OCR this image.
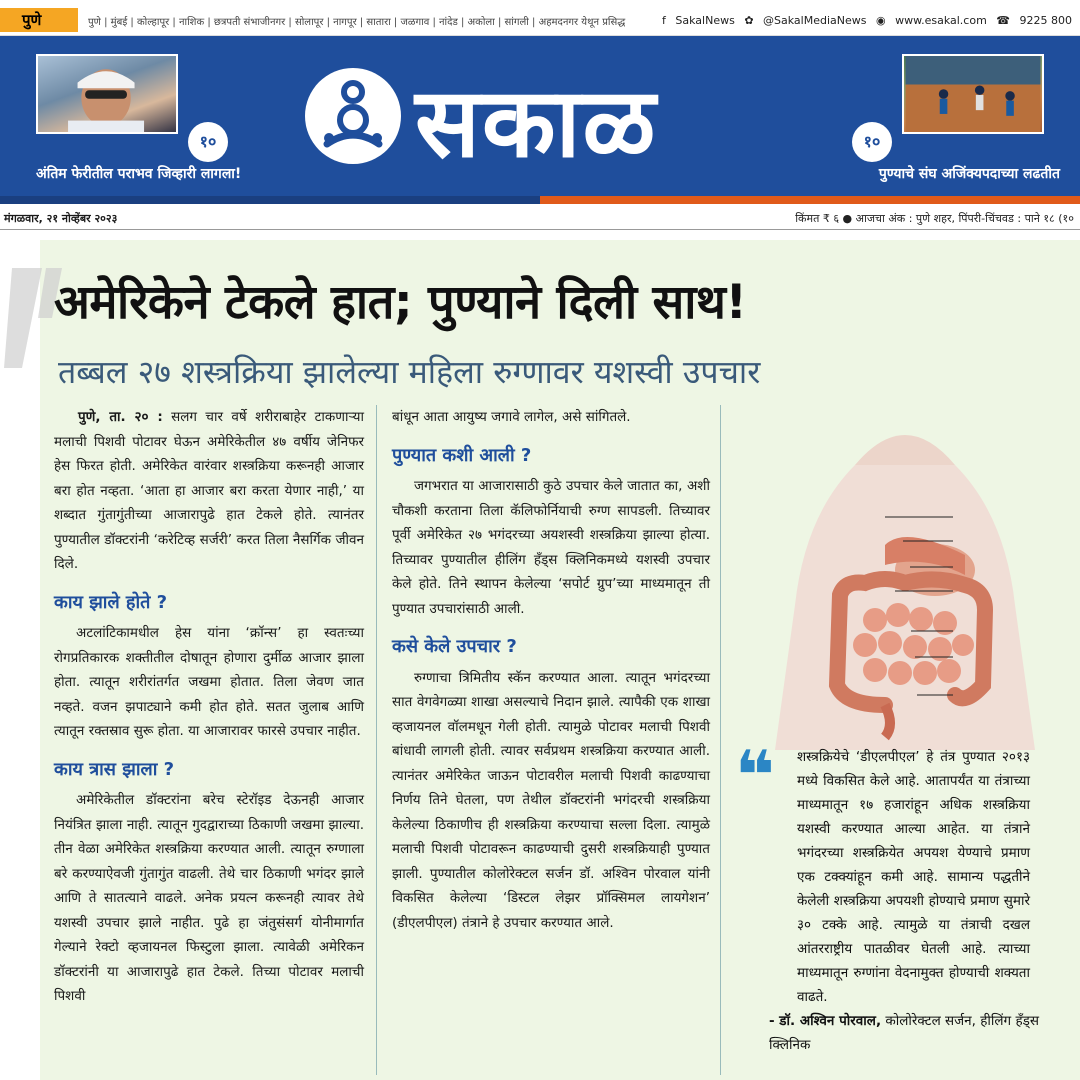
पुणे	पुणे | मुंबई | कोल्हापूर | नाशिक | छत्रपती संभाजीनगर | सोलापूर | नागपूर | सातारा | जळगाव | नांदेड | अकोला | सांगली | अहमदनगर येथून प्रसिद्ध	f SakalNews ✿ @SakalMediaNews ◉ www.esakal.com ☎ 9225 800
१०
अंतिम फेरीतील पराभव जिव्हारी लागला! सकाळ	१०
पुण्याचे संघ अजिंक्यपदाच्या लढतीत
मंगळवार, २१ नोव्हेंबर २०२३	किंमत ₹ ६ ● आजचा अंक : पुणे शहर, पिंपरी-चिंचवड : पाने १८ (१०
अमेरिकेने टेकले हात; पुण्याने दिली साथ!
तब्बल २७ शस्त्रक्रिया झालेल्या महिला रुग्णावर यशस्वी उपचार

पुणे, ता. २० : सलग चार वर्षे शरीराबाहेर टाकणाऱ्या मलाची पिशवी पोटावर घेऊन अमेरिकेतील ४७ वर्षीय जेनिफर हेस फिरत होती. अमेरिकेत वारंवार शस्त्रक्रिया करूनही आजार बरा होत नव्हता. ‘आता हा आजार बरा करता येणार नाही,’ या शब्दात गुंतागुंतीच्या आजारापुढे हात टेकले होते. त्यानंतर पुण्यातील डॉक्टरांनी ‘करेटिव्ह सर्जरी’ करत तिला नैसर्गिक जीवन दिले.

काय झाले होते ?

अटलांटिकामधील हेस यांना ‘क्रॉन्स’ हा स्वतःच्या रोगप्रतिकारक शक्तीतील दोषातून होणारा दुर्मीळ आजार झाला होता. त्यातून शरीरांतर्गत जखमा होतात. तिला जेवण जात नव्हते. वजन झपाट्याने कमी होत होते. सतत जुलाब आणि त्यातून रक्तस्राव सुरू होता. या आजारावर फारसे उपचार नाहीत.

काय त्रास झाला ?

अमेरिकेतील डॉक्टरांना बरेच स्टेरॉइड देऊनही आजार नियंत्रित झाला नाही. त्यातून गुदद्वाराच्या ठिकाणी जखमा झाल्या. तीन वेळा अमेरिकेत शस्त्रक्रिया करण्यात आली. त्यातून रुग्णाला बरे करण्याऐवजी गुंतागुंत वाढली. तेथे चार ठिकाणी भगंदर झाले आणि ते सातत्याने वाढले. अनेक प्रयत्न करूनही त्यावर तेथे यशस्वी उपचार झाले नाहीत. पुढे हा जंतुसंसर्ग योनीमार्गात गेल्याने रेक्टो व्हजायनल फिस्टुला झाला. त्यावेळी अमेरिकन डॉक्टरांनी या आजारापुढे हात टेकले. तिच्या पोटावर मलाची पिशवी

बांधून आता आयुष्य जगावे लागेल, असे सांगितले.

पुण्यात कशी आली ?

जगभरात या आजारासाठी कुठे उपचार केले जातात का, अशी चौकशी करताना तिला कॅलिफोर्नियाची रुग्ण सापडली. तिच्यावर पूर्वी अमेरिकेत २७ भगंदरच्या अयशस्वी शस्त्रक्रिया झाल्या होत्या. तिच्यावर पुण्यातील हीलिंग हँड्स क्लिनिकमध्ये यशस्वी उपचार केले होते. तिने स्थापन केलेल्या ‘सपोर्ट ग्रुप’च्या माध्यमातून ती पुण्यात उपचारांसाठी आली.

कसे केले उपचार ?

रुग्णाचा त्रिमितीय स्कॅन करण्यात आला. त्यातून भगंदरच्या सात वेगवेगळ्या शाखा असल्याचे निदान झाले. त्यापैकी एक शाखा व्हजायनल वॉलमधून गेली होती. त्यामुळे पोटावर मलाची पिशवी बांधावी लागली होती. त्यावर सर्वप्रथम शस्त्रक्रिया करण्यात आली. त्यानंतर अमेरिकेत जाऊन पोटावरील मलाची पिशवी काढण्याचा निर्णय तिने घेतला, पण तेथील डॉक्टरांनी भगंदरची शस्त्रक्रिया केलेल्या ठिकाणीच ही शस्त्रक्रिया करण्याचा सल्ला दिला. त्यामुळे मलाची पिशवी पोटावरून काढण्याची दुसरी शस्त्रक्रियाही पुण्यात झाली. पुण्यातील कोलोरेक्टल सर्जन डॉ. अश्विन पोरवाल यांनी विकसित केलेल्या ‘डिस्टल लेझर प्रॉक्सिमल लायगेशन’ (डीएलपीएल) तंत्राने हे उपचार करण्यात आले.

❝	शस्त्रक्रियेचे ‘डीएलपीएल’ हे तंत्र पुण्यात २०१३ मध्ये विकसित केले आहे. आतापर्यंत या तंत्राच्या माध्यमातून १७ हजारांहून अधिक शस्त्रक्रिया यशस्वी करण्यात आल्या आहेत. या तंत्राने भगंदरच्या शस्त्रक्रियेत अपयश येण्याचे प्रमाण एक टक्क्यांहून कमी आहे. सामान्य पद्धतीने केलेली शस्त्रक्रिया अपयशी होण्याचे प्रमाण सुमारे ३० टक्के आहे. त्यामुळे या तंत्राची दखल आंतरराष्ट्रीय पातळीवर घेतली आहे. त्याच्या माध्यमातून रुग्णांना वेदनामुक्त होण्याची शक्यता वाढते.
- डॉ. अश्विन पोरवाल, कोलोरेक्टल सर्जन, हीलिंग हँड्स क्लिनिक
